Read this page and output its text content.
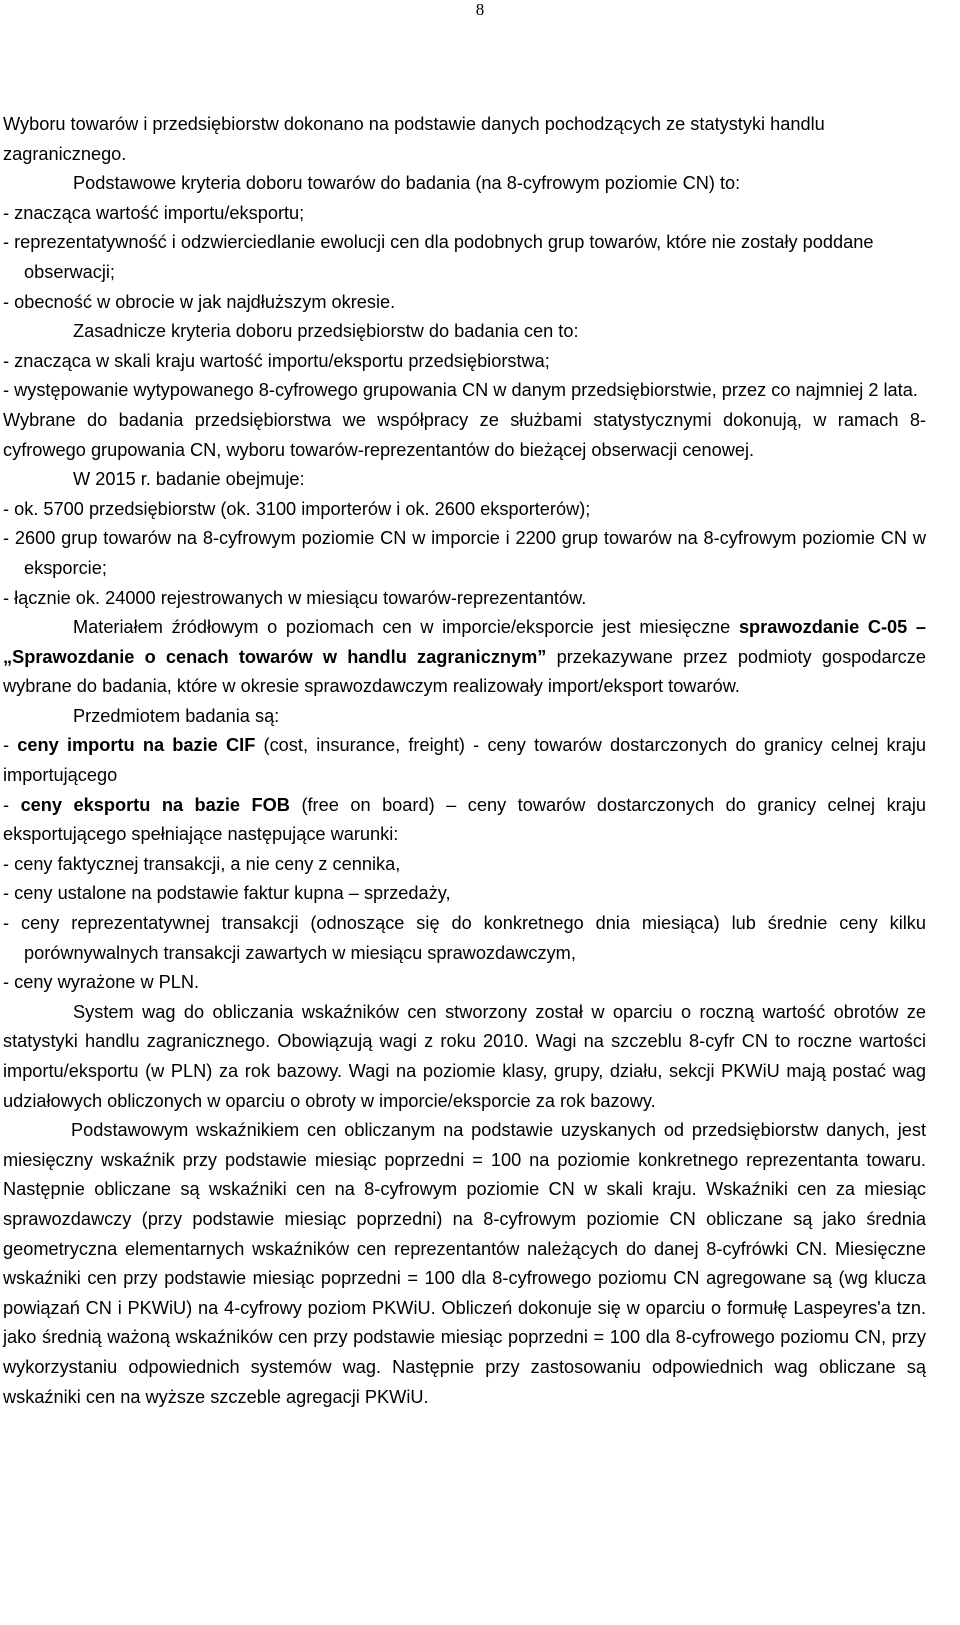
8

Wyboru towarów i przedsiębiorstw dokonano na podstawie danych pochodzących ze statystyki handlu zagranicznego.

Podstawowe kryteria doboru towarów do badania (na 8-cyfrowym poziomie CN) to:

- znacząca wartość importu/eksportu;

- reprezentatywność i odzwierciedlanie ewolucji cen dla podobnych grup towarów, które nie zostały poddane obserwacji;

- obecność w obrocie w jak najdłuższym okresie.

Zasadnicze kryteria doboru przedsiębiorstw do badania cen to:

- znacząca w skali kraju wartość importu/eksportu przedsiębiorstwa;

- występowanie wytypowanego 8-cyfrowego grupowania CN w danym przedsiębiorstwie, przez co najmniej 2 lata.

Wybrane do badania przedsiębiorstwa we współpracy ze służbami statystycznymi dokonują, w ramach 8-cyfrowego grupowania CN, wyboru towarów-reprezentantów do bieżącej obserwacji cenowej.

W 2015 r. badanie obejmuje:

- ok. 5700 przedsiębiorstw (ok. 3100 importerów i ok. 2600 eksporterów);

- 2600 grup towarów na 8-cyfrowym poziomie CN w imporcie i 2200 grup towarów na 8-cyfrowym poziomie CN w eksporcie;

- łącznie ok. 24000 rejestrowanych w miesiącu towarów-reprezentantów.

Materiałem źródłowym o poziomach cen w imporcie/eksporcie jest miesięczne sprawozdanie C-05 – „Sprawozdanie o cenach towarów w handlu zagranicznym” przekazywane przez podmioty gospodarcze wybrane do badania, które w okresie sprawozdawczym realizowały import/eksport towarów.

Przedmiotem badania są:

- ceny importu na bazie CIF (cost, insurance, freight) - ceny towarów dostarczonych do granicy celnej kraju importującego

- ceny eksportu na bazie FOB (free on board) – ceny towarów dostarczonych do granicy celnej kraju eksportującego spełniające następujące warunki:

- ceny faktycznej transakcji, a nie ceny z cennika,

- ceny ustalone na podstawie faktur kupna – sprzedaży,

- ceny reprezentatywnej transakcji (odnoszące się do konkretnego dnia miesiąca) lub średnie ceny kilku porównywalnych transakcji zawartych w miesiącu sprawozdawczym,

- ceny wyrażone w PLN.

System wag do obliczania wskaźników cen stworzony został w oparciu o roczną wartość obrotów ze statystyki handlu zagranicznego. Obowiązują wagi z roku 2010. Wagi na szczeblu 8-cyfr CN to roczne wartości importu/eksportu (w PLN) za rok bazowy. Wagi na poziomie klasy, grupy, działu, sekcji PKWiU mają postać wag udziałowych obliczonych w oparciu o obroty w imporcie/eksporcie za rok bazowy.

Podstawowym wskaźnikiem cen obliczanym na podstawie uzyskanych od przedsiębiorstw danych, jest miesięczny wskaźnik przy podstawie miesiąc poprzedni = 100 na poziomie konkretnego reprezentanta towaru. Następnie obliczane są wskaźniki cen na 8-cyfrowym poziomie CN w skali kraju. Wskaźniki cen za miesiąc sprawozdawczy (przy podstawie miesiąc poprzedni) na 8-cyfrowym poziomie CN obliczane są jako średnia geometryczna elementarnych wskaźników cen reprezentantów należących do danej 8-cyfrówki CN. Miesięczne wskaźniki cen przy podstawie miesiąc poprzedni = 100 dla 8-cyfrowego poziomu CN agregowane są (wg klucza powiązań CN i PKWiU) na 4-cyfrowy poziom PKWiU. Obliczeń dokonuje się w oparciu o formułę Laspeyres'a tzn. jako średnią ważoną wskaźników cen przy podstawie miesiąc poprzedni = 100 dla 8-cyfrowego poziomu CN, przy wykorzystaniu odpowiednich systemów wag. Następnie przy zastosowaniu odpowiednich wag obliczane są wskaźniki cen na wyższe szczeble agregacji PKWiU.
